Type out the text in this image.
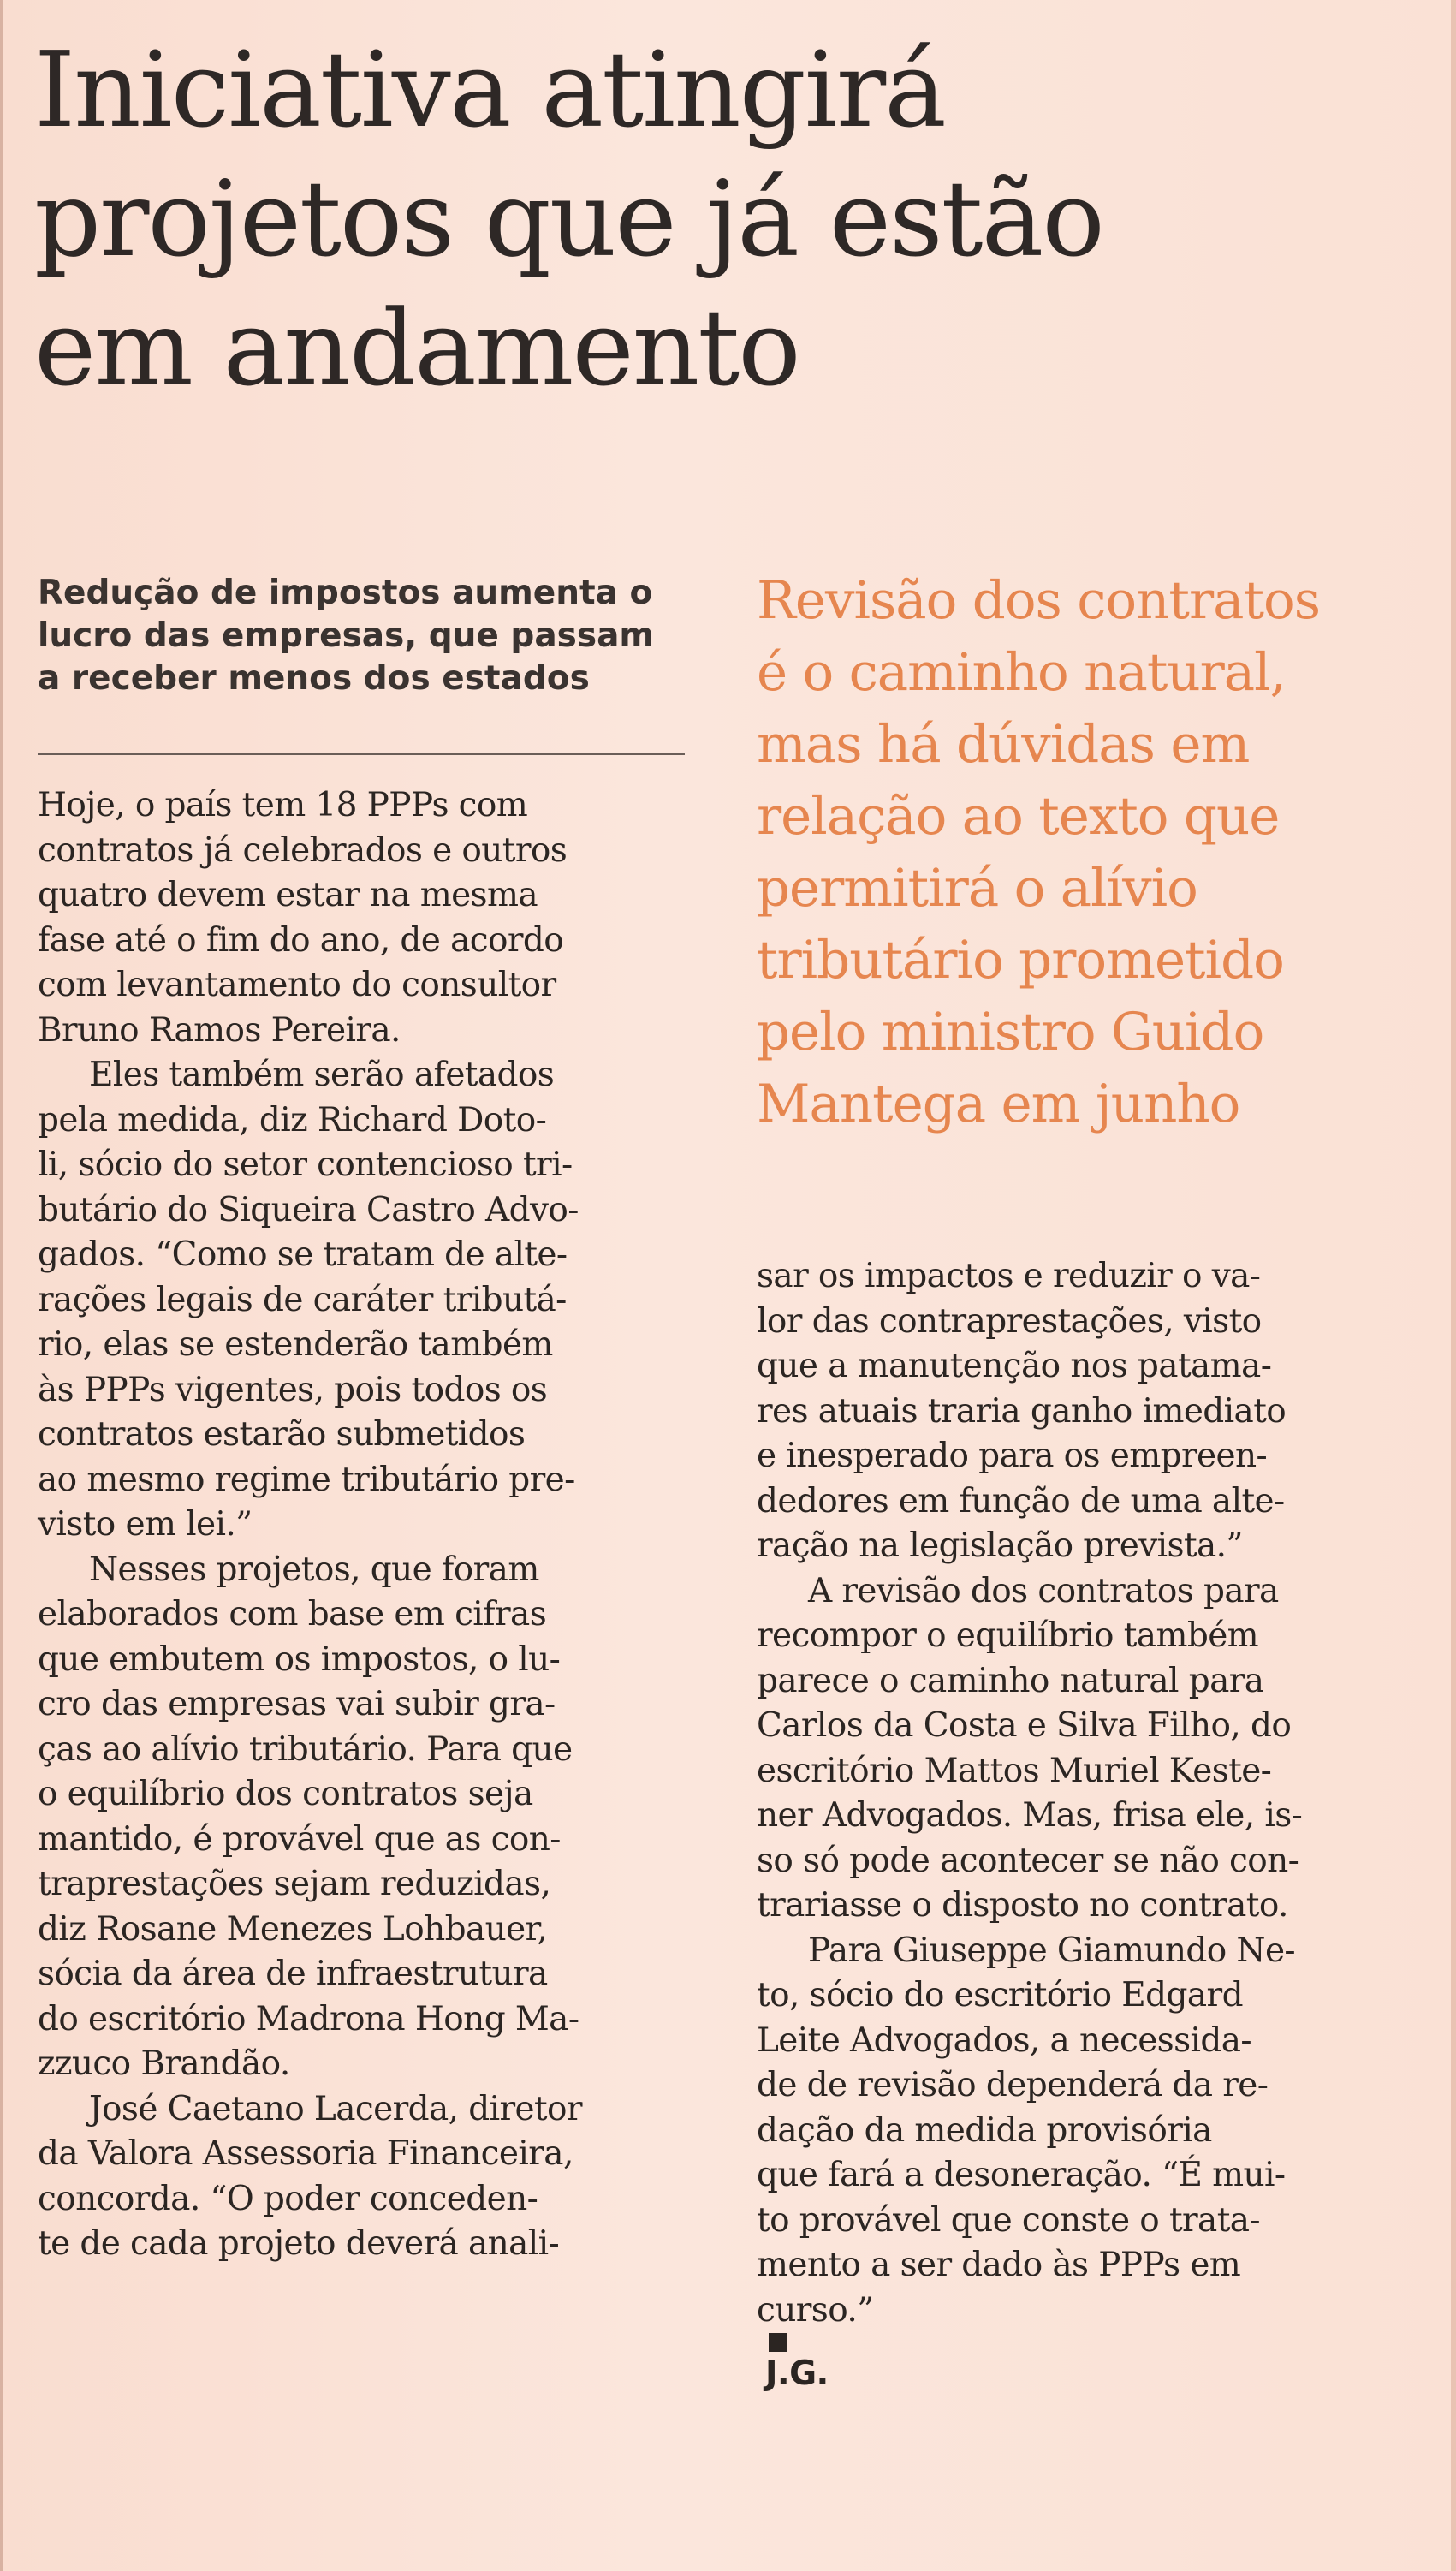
Iniciativa atingirá
projetos que já estão
em andamento
Redução de impostos aumenta o
lucro das empresas, que passam
a receber menos dos estados
Revisão dos contratos
é o caminho natural,
mas há dúvidas em
relação ao texto que
permitirá o alívio
tributário prometido
pelo ministro Guido
Mantega em junho
Hoje, o país tem 18 PPPs com
contratos já celebrados e outros
quatro devem estar na mesma
fase até o fim do ano, de acordo
com levantamento do consultor
Bruno Ramos Pereira.
Eles também serão afetados
pela medida, diz Richard Doto-
li, sócio do setor contencioso tri-
butário do Siqueira Castro Advo-
gados. “Como se tratam de alte-
rações legais de caráter tributá-
rio, elas se estenderão também
às PPPs vigentes, pois todos os
contratos estarão submetidos
ao mesmo regime tributário pre-
visto em lei.”
Nesses projetos, que foram
elaborados com base em cifras
que embutem os impostos, o lu-
cro das empresas vai subir gra-
ças ao alívio tributário. Para que
o equilíbrio dos contratos seja
mantido, é provável que as con-
traprestações sejam reduzidas,
diz Rosane Menezes Lohbauer,
sócia da área de infraestrutura
do escritório Madrona Hong Ma-
zzuco Brandão.
José Caetano Lacerda, diretor
da Valora Assessoria Financeira,
concorda. “O poder conceden-
te de cada projeto deverá anali-
sar os impactos e reduzir o va-
lor das contraprestações, visto
que a manutenção nos patama-
res atuais traria ganho imediato
e inesperado para os empreen-
dedores em função de uma alte-
ração na legislação prevista.”
A revisão dos contratos para
recompor o equilíbrio também
parece o caminho natural para
Carlos da Costa e Silva Filho, do
escritório Mattos Muriel Keste-
ner Advogados. Mas, frisa ele, is-
so só pode acontecer se não con-
trariasse o disposto no contrato.
Para Giuseppe Giamundo Ne-
to, sócio do escritório Edgard
Leite Advogados, a necessida-
de de revisão dependerá da re-
dação da medida provisória
que fará a desoneração. “É mui-
to provável que conste o trata-
mento a ser dado às PPPs em
curso.”
J.G.
